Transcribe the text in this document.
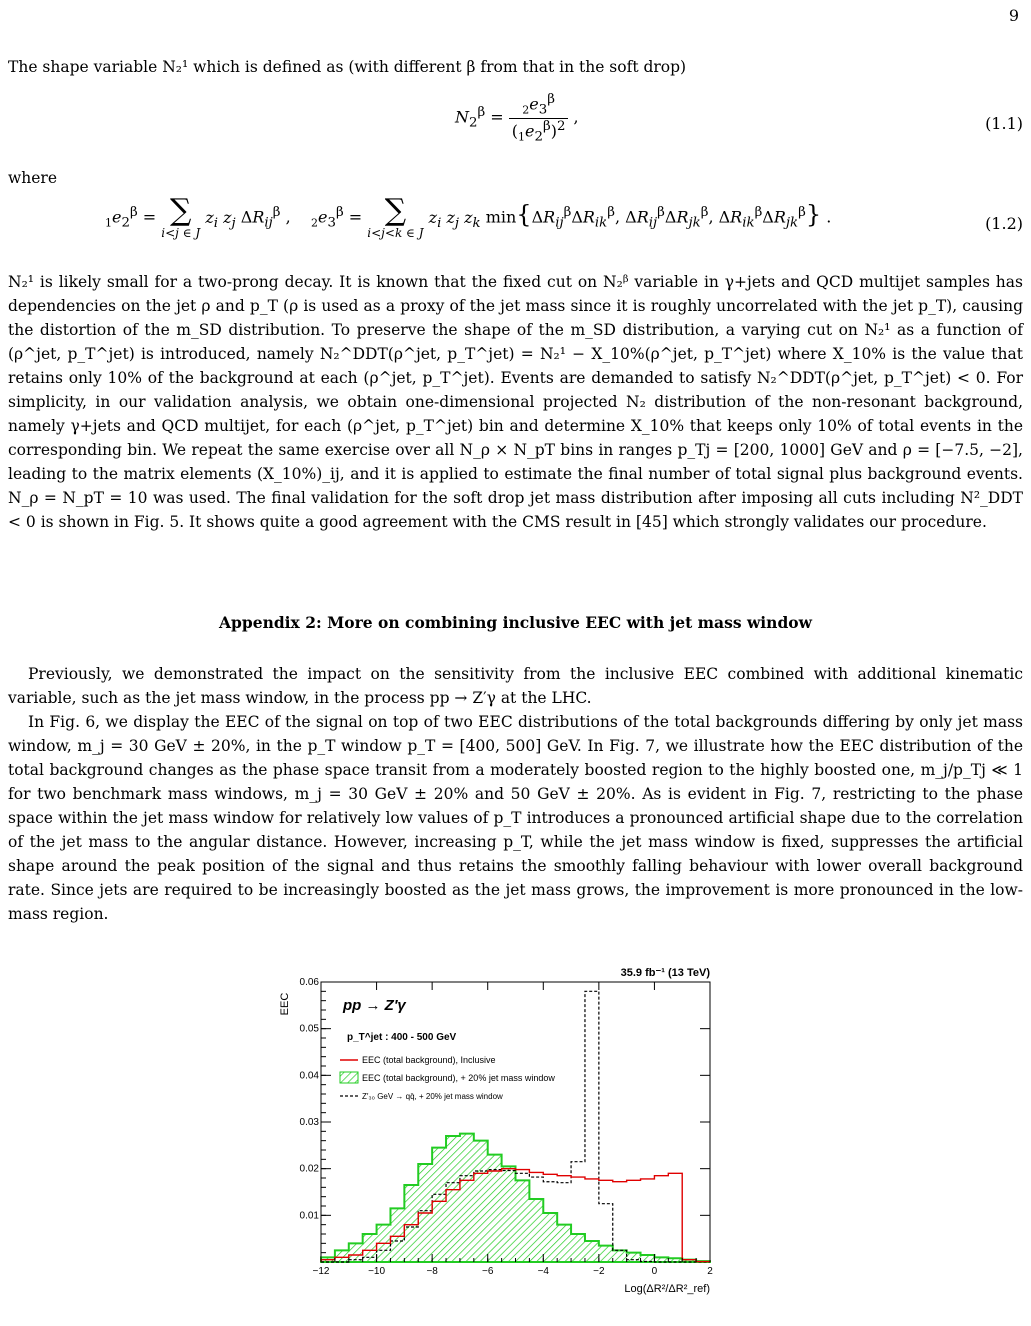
9
The shape variable N₂¹ which is defined as (with different β from that in the soft drop)
$N_2^\beta = \frac{_2e_3^\beta}{(_1e_2^\beta)^2}$ ,	(1.1)
where
$_1e_2^\beta$ = ∑
i<j ∈ J
$z_i$ $z_j$ $\Delta R_{ij}^\beta$ ,    $_2e_3^\beta$ = ∑
i<j<k ∈ J
$z_i$ $z_j$ $z_k$ $\min\{\Delta R_{ij}^\beta\Delta R_{ik}^\beta$, $\Delta R_{ij}^\beta\Delta R_{jk}^\beta$, $\Delta R_{ik}^\beta\Delta R_{jk}^\beta$} .	(1.2)
N₂¹ is likely small for a two-prong decay. It is known that the fixed cut on N₂ᵝ variable in γ+jets and QCD multijet samples has dependencies on the jet ρ and p_T (ρ is used as a proxy of the jet mass since it is roughly uncorrelated with the jet p_T), causing the distortion of the m_SD distribution. To preserve the shape of the m_SD distribution, a varying cut on N₂¹ as a function of (ρ^jet, p_T^jet) is introduced, namely N₂^DDT(ρ^jet, p_T^jet) = N₂¹ − X_10%(ρ^jet, p_T^jet) where X_10% is the value that retains only 10% of the background at each (ρ^jet, p_T^jet). Events are demanded to satisfy N₂^DDT(ρ^jet, p_T^jet) < 0. For simplicity, in our validation analysis, we obtain one-dimensional projected N₂ distribution of the non-resonant background, namely γ+jets and QCD multijet, for each (ρ^jet, p_T^jet) bin and determine X_10% that keeps only 10% of total events in the corresponding bin. We repeat the same exercise over all N_ρ × N_pT bins in ranges p_Tj = [200, 1000] GeV and ρ = [−7.5, −2], leading to the matrix elements (X_10%)_ij, and it is applied to estimate the final number of total signal plus background events. N_ρ = N_pT = 10 was used. The final validation for the soft drop jet mass distribution after imposing all cuts including N²_DDT < 0 is shown in Fig. 5. It shows quite a good agreement with the CMS result in [45] which strongly validates our procedure.
Appendix 2: More on combining inclusive EEC with jet mass window
Previously, we demonstrated the impact on the sensitivity from the inclusive EEC combined with additional kinematic variable, such as the jet mass window, in the process pp → Z′γ at the LHC.
In Fig. 6, we display the EEC of the signal on top of two EEC distributions of the total backgrounds differing by only jet mass window, m_j = 30 GeV ± 20%, in the p_T window p_T = [400, 500] GeV. In Fig. 7, we illustrate how the EEC distribution of the total background changes as the phase space transit from a moderately boosted region to the highly boosted one, m_j/p_Tj ≪ 1 for two benchmark mass windows, m_j = 30 GeV ± 20% and 50 GeV ± 20%. As is evident in Fig. 7, restricting to the phase space within the jet mass window for relatively low values of p_T introduces a pronounced artificial shape due to the correlation of the jet mass to the angular distance. However, increasing p_T, while the jet mass window is fixed, suppresses the artificial shape around the peak position of the signal and thus retains the smoothly falling behaviour with lower overall background rate. Since jets are required to be increasingly boosted as the jet mass grows, the improvement is more pronounced in the low-mass region.
−12	−10	−8	−6	−4	−2	0	2
0.01
0.02
0.03
0.04
0.05
0.06
35.9 fb⁻¹ (13 TeV)
EEC
Log(ΔR²/ΔR²_ref)
pp → Z′γ
p_T^jet : 400 - 500 GeV
EEC (total background), Inclusive
EEC (total background), + 20% jet mass window
Z′₃₀ GeV → qq̄, + 20% jet mass window
